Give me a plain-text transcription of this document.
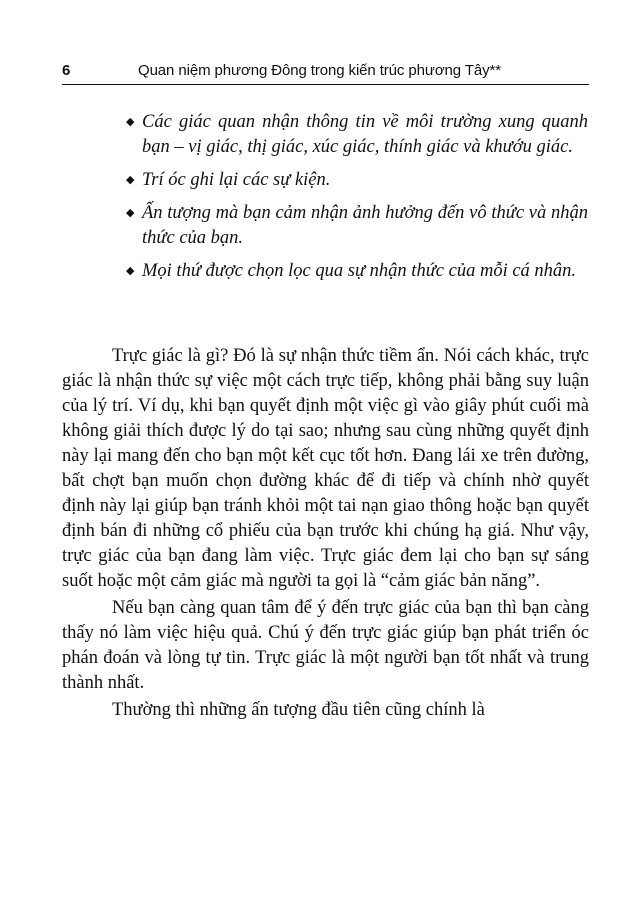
6	Quan niệm phương Đông trong kiến trúc phương Tây**
◆ Các giác quan nhận thông tin về môi trường xung quanh bạn – vị giác, thị giác, xúc giác, thính giác và khướu giác.
◆ Trí óc ghi lại các sự kiện.
◆ Ấn tượng mà bạn cảm nhận ảnh hưởng đến vô thức và nhận thức của bạn.
◆ Mọi thứ được chọn lọc qua sự nhận thức của mỗi cá nhân.

Trực giác là gì? Đó là sự nhận thức tiềm ẩn. Nói cách khác, trực giác là nhận thức sự việc một cách trực tiếp, không phải bằng suy luận của lý trí. Ví dụ, khi bạn quyết định một việc gì vào giây phút cuối mà không giải thích được lý do tại sao; nhưng sau cùng những quyết định này lại mang đến cho bạn một kết cục tốt hơn. Đang lái xe trên đường, bất chợt bạn muốn chọn đường khác để đi tiếp và chính nhờ quyết định này lại giúp bạn tránh khỏi một tai nạn giao thông hoặc bạn quyết định bán đi những cổ phiếu của bạn trước khi chúng hạ giá. Như vậy, trực giác của bạn đang làm việc. Trực giác đem lại cho bạn sự sáng suốt hoặc một cảm giác mà người ta gọi là “cảm giác bản năng”.

Nếu bạn càng quan tâm để ý đến trực giác của bạn thì bạn càng thấy nó làm việc hiệu quả. Chú ý đến trực giác giúp bạn phát triển óc phán đoán và lòng tự tin. Trực giác là một người bạn tốt nhất và trung thành nhất.

Thường thì những ấn tượng đầu tiên cũng chính là
